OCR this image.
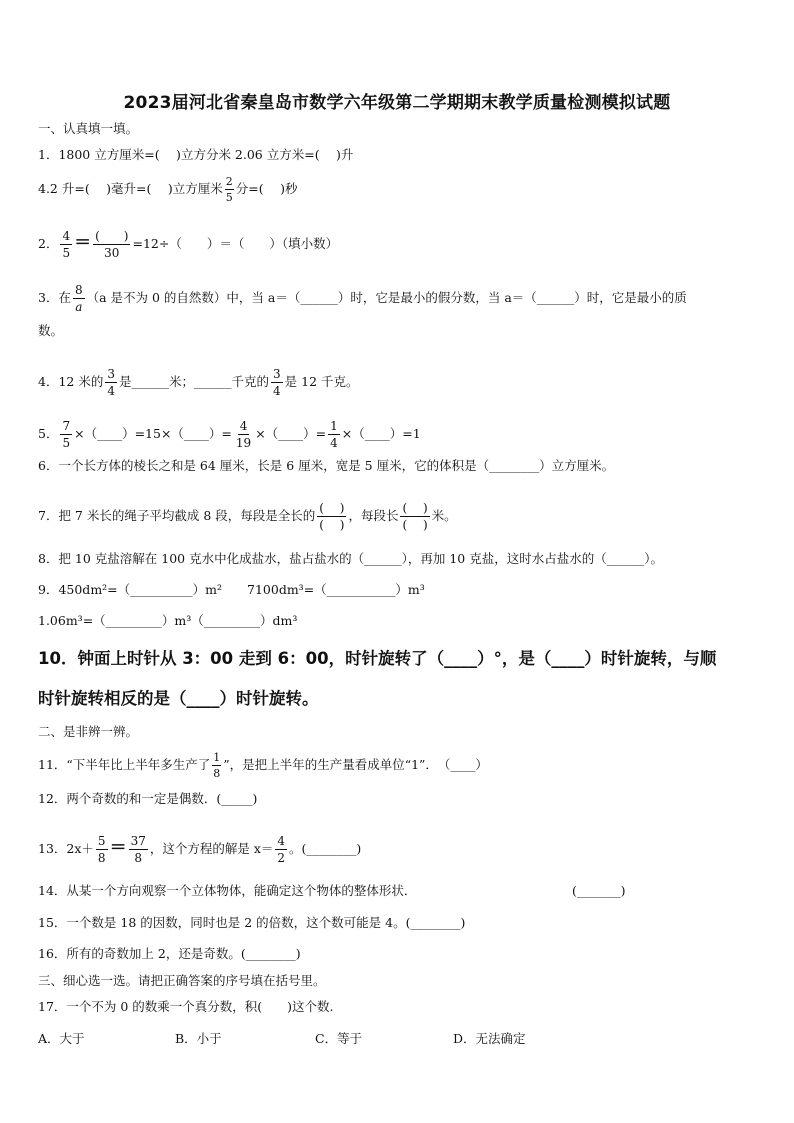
2023届河北省秦皇岛市数学六年级第二学期期末教学质量检测模拟试题
一、认真填一填。
1．1800 立方厘米=(　 )立方分米 2.06 立方米=(　 )升
4.2 升=(　 )毫升=(　 )立方厘米 $\frac{2}{5}$ 分=(　 )秒
2． $\frac{4}{5} = \frac{( )}{30} =12\div$（　　）＝（　　）（填小数）
3．在 $\frac{8}{a} (a$ 是不为 0 的自然数）中，当 a＝（______）时，它是最小的假分数，当 a＝（______）时，它是最小的质
数。
4．12 米的 $\frac{3}{4}$ 是______米；______千克的 $\frac{3}{4}$ 是 12 千克。
5． $\frac{7}{5}$ ×（____）=15×（____）= $\frac{4}{19}$ ×（____）= $\frac{1}{4}$ ×（____）=1
6．一个长方体的棱长之和是 64 厘米，长是 6 厘米，宽是 5 厘米，它的体积是（________）立方厘米。
7．把 7 米长的绳子平均截成 8 段，每段是全长的 $\frac{( )}{( )}$ ，每段长 $\frac{( )}{( )}$ 米。
8．把 10 克盐溶解在 100 克水中化成盐水，盐占盐水的（______），再加 10 克盐，这时水占盐水的（______）。
9．450dm²=（__________）m²　　7100dm³=（___________）m³
1.06m³=（_________）m³（_________）dm³
10．钟面上时针从 3：00 走到 6：00，时针旋转了（____）°，是（____）时针旋转，与顺
时针旋转相反的是（____）时针旋转。
二、是非辨一辨。
11．“下半年比上半年多生产了 $\frac{1}{8}$ ”，是把上半年的生产量看成单位“1”．　（____）
12．两个奇数的和一定是偶数．(_____)
13．$2x+ \frac{5}{8} = \frac{37}{8}$ ，这个方程的解是 $x= \frac{4}{2}$ 。(________)
14．从某一个方向观察一个立体物体，能确定这个物体的整体形状．	(_______)
15．一个数是 18 的因数，同时也是 2 的倍数，这个数可能是 4。(________)
16．所有的奇数加上 2，还是奇数。(________)
三、细心选一选。请把正确答案的序号填在括号里。
17．一个不为 0 的数乘一个真分数，积(　　)这个数.
A．大于	B．小于	C．等于	D．无法确定
